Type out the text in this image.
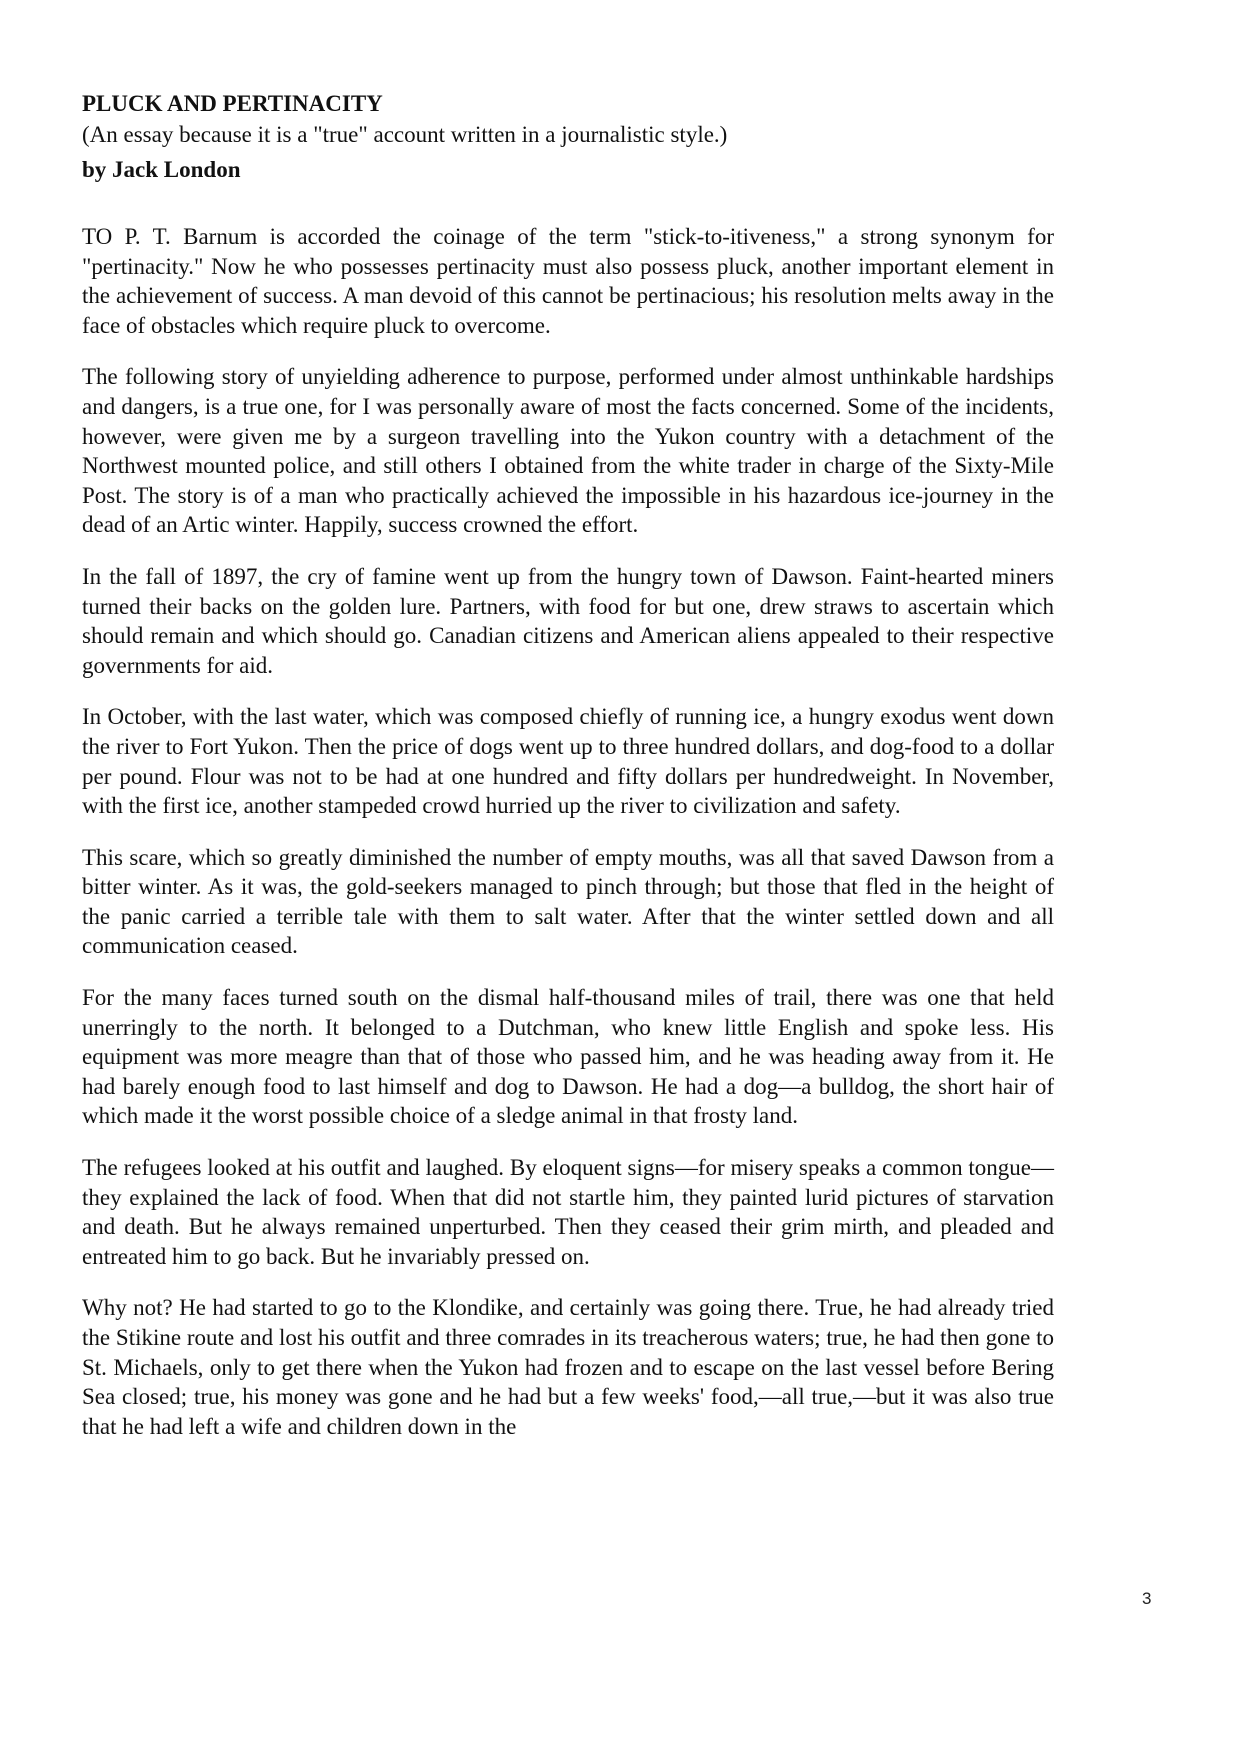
PLUCK AND PERTINACITY

(An essay because it is a "true" account written in a journalistic style.)

by Jack London

TO P. T. Barnum is accorded the coinage of the term "stick-to-itiveness," a strong synonym for "pertinacity." Now he who possesses pertinacity must also possess pluck, another important element in the achievement of success. A man devoid of this cannot be pertinacious; his resolution melts away in the face of obstacles which require pluck to overcome.

The following story of unyielding adherence to purpose, performed under almost unthinkable hardships and dangers, is a true one, for I was personally aware of most the facts concerned. Some of the incidents, however, were given me by a surgeon travelling into the Yukon country with a detachment of the Northwest mounted police, and still others I obtained from the white trader in charge of the Sixty-Mile Post. The story is of a man who practically achieved the impossible in his hazardous ice-journey in the dead of an Artic winter. Happily, success crowned the effort.

In the fall of 1897, the cry of famine went up from the hungry town of Dawson. Faint-hearted miners turned their backs on the golden lure. Partners, with food for but one, drew straws to ascertain which should remain and which should go. Canadian citizens and American aliens appealed to their respective governments for aid.

In October, with the last water, which was composed chiefly of running ice, a hungry exodus went down the river to Fort Yukon. Then the price of dogs went up to three hundred dollars, and dog-food to a dollar per pound. Flour was not to be had at one hundred and fifty dollars per hundredweight. In November, with the first ice, another stampeded crowd hurried up the river to civilization and safety.

This scare, which so greatly diminished the number of empty mouths, was all that saved Dawson from a bitter winter. As it was, the gold-seekers managed to pinch through; but those that fled in the height of the panic carried a terrible tale with them to salt water. After that the winter settled down and all communication ceased.

For the many faces turned south on the dismal half-thousand miles of trail, there was one that held unerringly to the north. It belonged to a Dutchman, who knew little English and spoke less. His equipment was more meagre than that of those who passed him, and he was heading away from it. He had barely enough food to last himself and dog to Dawson. He had a dog—a bulldog, the short hair of which made it the worst possible choice of a sledge animal in that frosty land.

The refugees looked at his outfit and laughed. By eloquent signs—for misery speaks a common tongue—they explained the lack of food. When that did not startle him, they painted lurid pictures of starvation and death. But he always remained unperturbed. Then they ceased their grim mirth, and pleaded and entreated him to go back. But he invariably pressed on.

Why not? He had started to go to the Klondike, and certainly was going there. True, he had already tried the Stikine route and lost his outfit and three comrades in its treacherous waters; true, he had then gone to St. Michaels, only to get there when the Yukon had frozen and to escape on the last vessel before Bering Sea closed; true, his money was gone and he had but a few weeks' food,—all true,—but it was also true that he had left a wife and children down in the

3
